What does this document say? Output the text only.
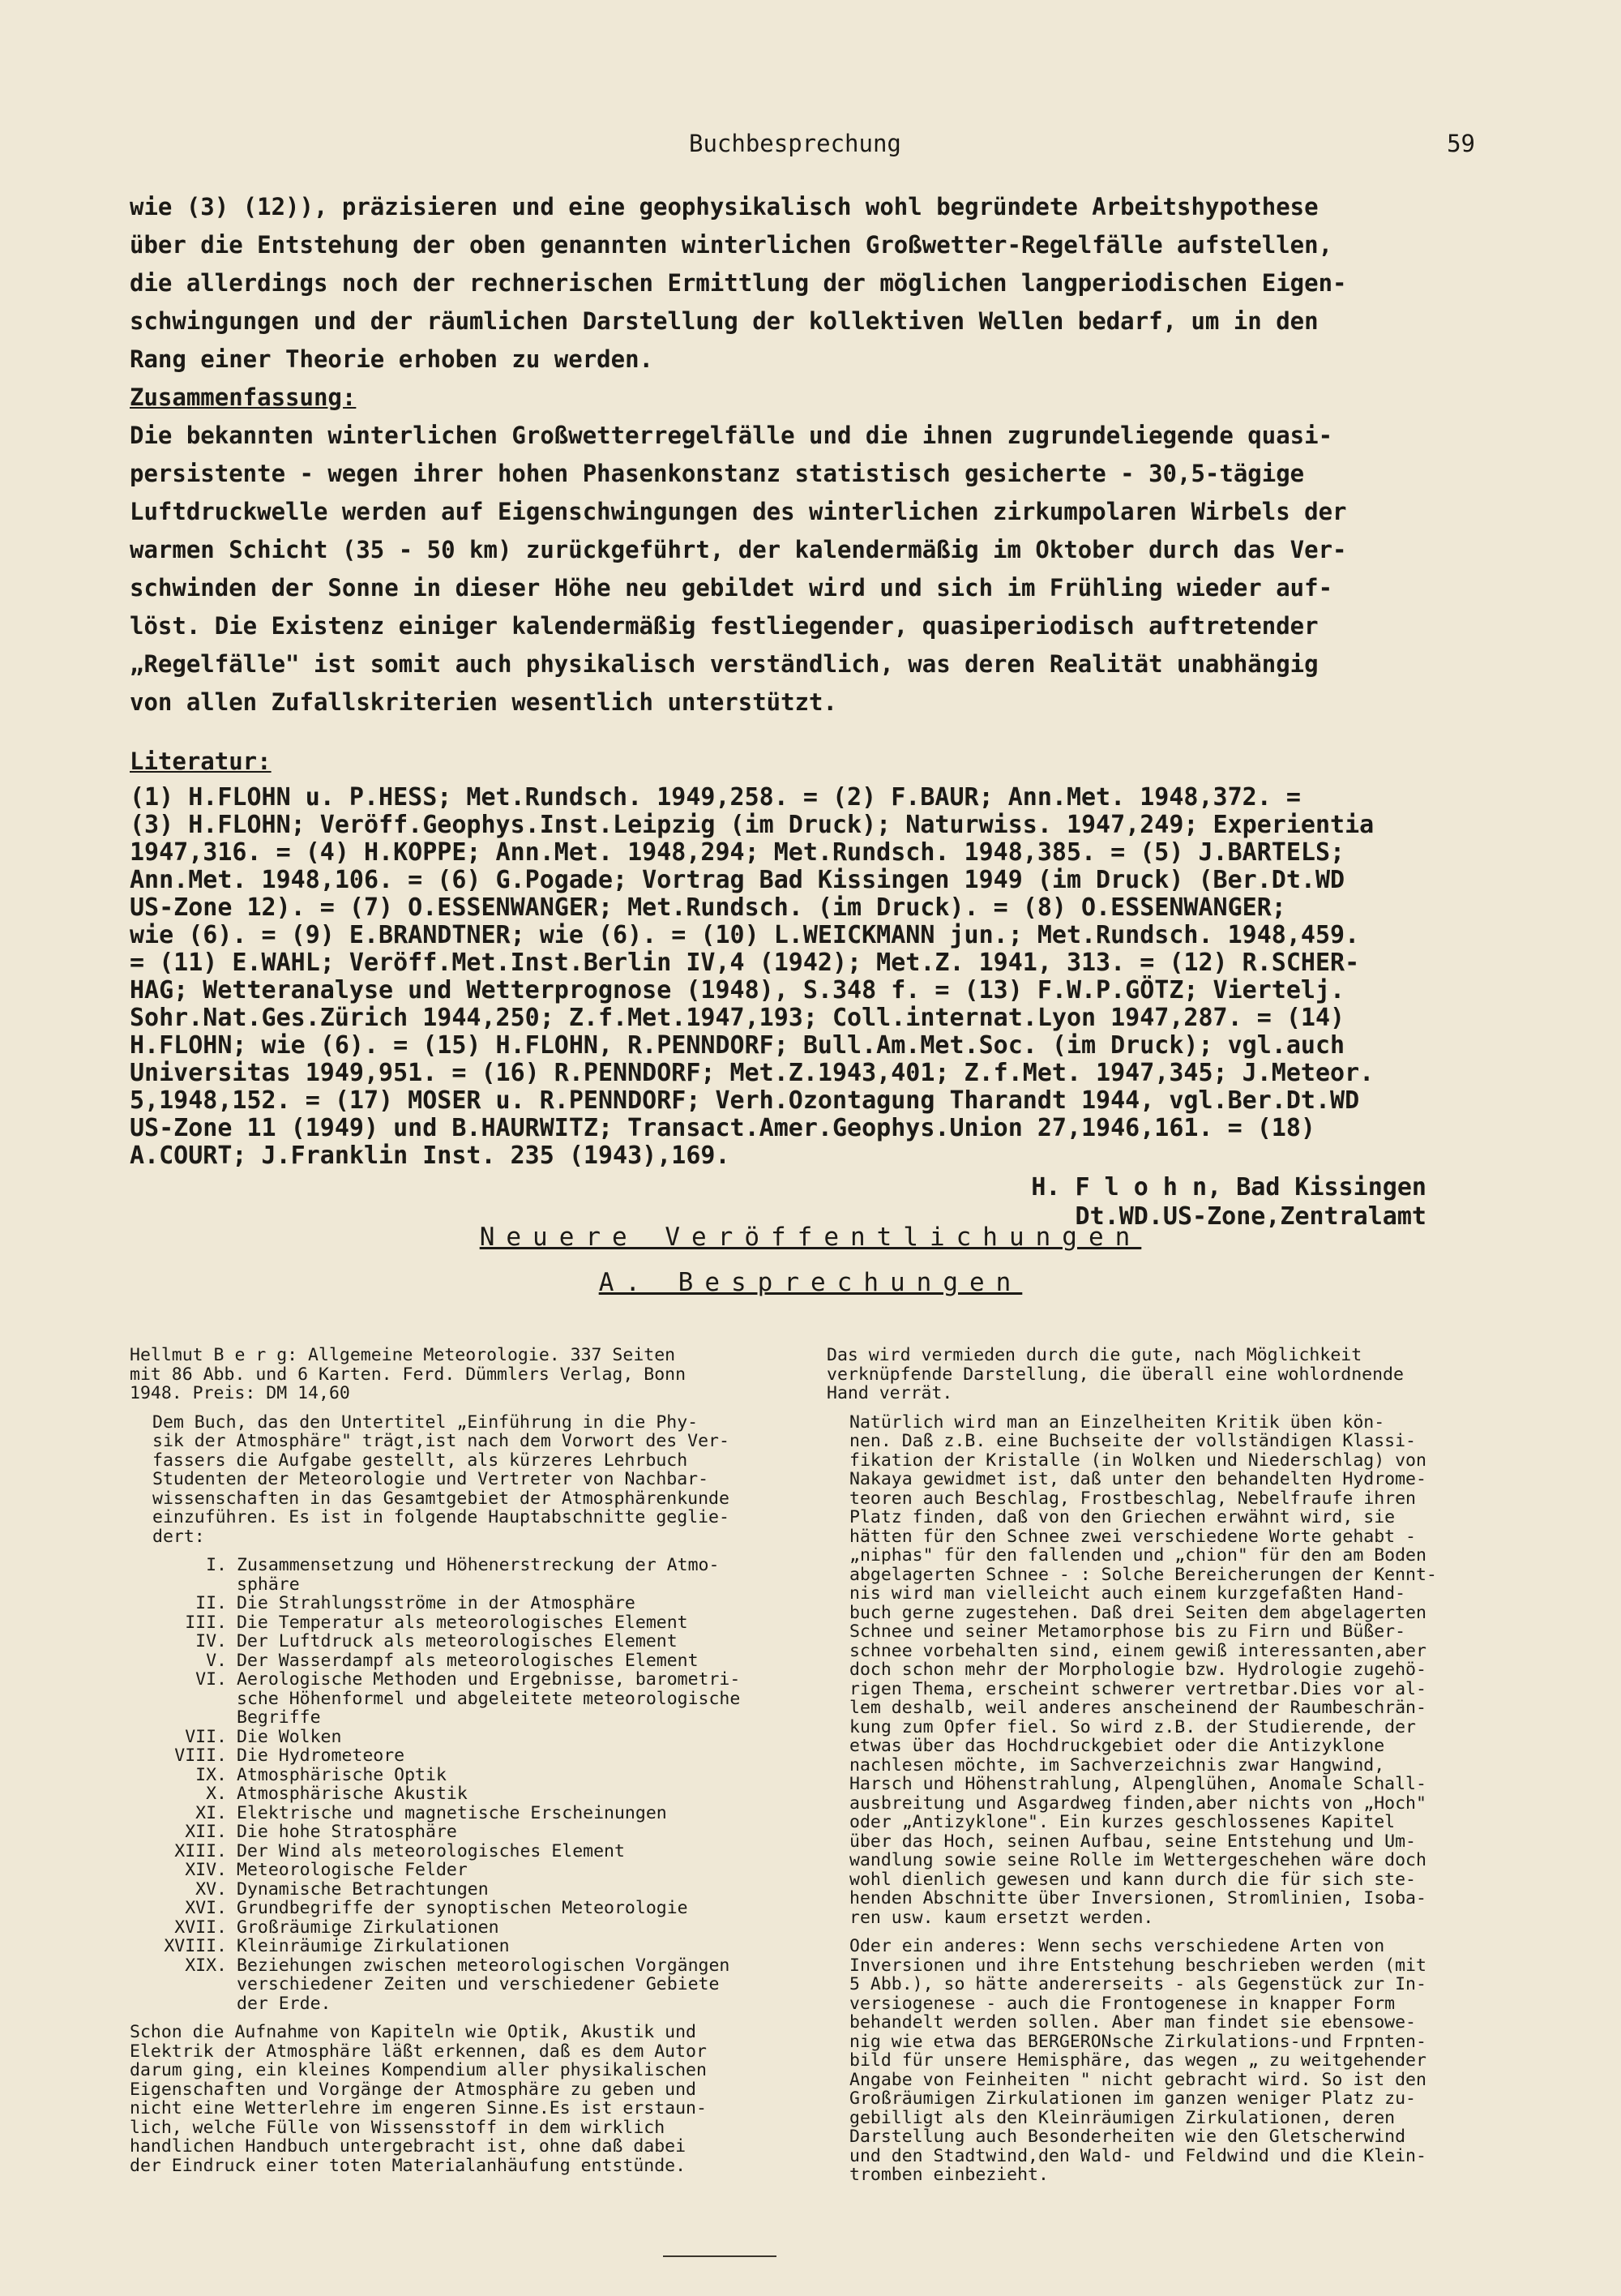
Buchbesprechung	59

wie (3) (12)), präzisieren und eine geophysikalisch wohl begründete Arbeitshypothese
über die Entstehung der oben genannten winterlichen Großwetter-Regelfälle aufstellen,
die allerdings noch der rechnerischen Ermittlung der möglichen langperiodischen Eigen-
schwingungen und der räumlichen Darstellung der kollektiven Wellen bedarf, um in den
Rang einer Theorie erhoben zu werden.

Zusammenfassung:

Die bekannten winterlichen Großwetterregelfälle und die ihnen zugrundeliegende quasi-
persistente - wegen ihrer hohen Phasenkonstanz statistisch gesicherte - 30,5-tägige
Luftdruckwelle werden auf Eigenschwingungen des winterlichen zirkumpolaren Wirbels der
warmen Schicht (35 - 50 km) zurückgeführt, der kalendermäßig im Oktober durch das Ver-
schwinden der Sonne in dieser Höhe neu gebildet wird und sich im Frühling wieder auf-
löst. Die Existenz einiger kalendermäßig festliegender, quasiperiodisch auftretender
„Regelfälle" ist somit auch physikalisch verständlich, was deren Realität unabhängig
von allen Zufallskriterien wesentlich unterstützt.

Literatur:
(1) H.FLOHN u. P.HESS; Met.Rundsch. 1949,258. = (2) F.BAUR; Ann.Met. 1948,372. =
(3) H.FLOHN; Veröff.Geophys.Inst.Leipzig (im Druck); Naturwiss. 1947,249; Experientia
1947,316. = (4) H.KOPPE; Ann.Met. 1948,294; Met.Rundsch. 1948,385. = (5) J.BARTELS;
Ann.Met. 1948,106. = (6) G.Pogade; Vortrag Bad Kissingen 1949 (im Druck) (Ber.Dt.WD
US-Zone 12). = (7) O.ESSENWANGER; Met.Rundsch. (im Druck). = (8) O.ESSENWANGER;
wie (6). = (9) E.BRANDTNER; wie (6). = (10) L.WEICKMANN jun.; Met.Rundsch. 1948,459.
= (11) E.WAHL; Veröff.Met.Inst.Berlin IV,4 (1942); Met.Z. 1941, 313. = (12) R.SCHER-
HAG; Wetteranalyse und Wetterprognose (1948), S.348 f. = (13) F.W.P.GÖTZ; Viertelj.
Sohr.Nat.Ges.Zürich 1944,250; Z.f.Met.1947,193; Coll.internat.Lyon 1947,287. = (14)
H.FLOHN; wie (6). = (15) H.FLOHN, R.PENNDORF; Bull.Am.Met.Soc. (im Druck); vgl.auch
Universitas 1949,951. = (16) R.PENNDORF; Met.Z.1943,401; Z.f.Met. 1947,345; J.Meteor.
5,1948,152. = (17) MOSER u. R.PENNDORF; Verh.Ozontagung Tharandt 1944, vgl.Ber.Dt.WD
US-Zone 11 (1949) und B.HAURWITZ; Transact.Amer.Geophys.Union 27,1946,161. = (18)
A.COURT; J.Franklin Inst. 235 (1943),169.
H. F l o h n, Bad Kissingen
Dt.WD.US-Zone,Zentralamt
Neuere Veröffentlichungen
A. Besprechungen

Hellmut B e r g: Allgemeine Meteorologie. 337 Seiten
mit 86 Abb. und 6 Karten. Ferd. Dümmlers Verlag, Bonn
1948. Preis: DM 14,60

Dem Buch, das den Untertitel „Einführung in die Phy-
sik der Atmosphäre" trägt,ist nach dem Vorwort des Ver-
fassers die Aufgabe gestellt, als kürzeres Lehrbuch
Studenten der Meteorologie und Vertreter von Nachbar-
wissenschaften in das Gesamtgebiet der Atmosphärenkunde
einzuführen. Es ist in folgende Hauptabschnitte geglie-
dert:

I. Zusammensetzung und Höhenerstreckung der Atmo-
sphäre
II. Die Strahlungsströme in der Atmosphäre
III. Die Temperatur als meteorologisches Element
IV. Der Luftdruck als meteorologisches Element
V. Der Wasserdampf als meteorologisches Element
VI. Aerologische Methoden und Ergebnisse, barometri-
sche Höhenformel und abgeleitete meteorologische
Begriffe
VII. Die Wolken
VIII. Die Hydrometeore
IX. Atmosphärische Optik
X. Atmosphärische Akustik
XI. Elektrische und magnetische Erscheinungen
XII. Die hohe Stratosphäre
XIII. Der Wind als meteorologisches Element
XIV. Meteorologische Felder
XV. Dynamische Betrachtungen
XVI. Grundbegriffe der synoptischen Meteorologie
XVII. Großräumige Zirkulationen
XVIII. Kleinräumige Zirkulationen
XIX. Beziehungen zwischen meteorologischen Vorgängen
verschiedener Zeiten und verschiedener Gebiete
der Erde.

Schon die Aufnahme von Kapiteln wie Optik, Akustik und
Elektrik der Atmosphäre läßt erkennen, daß es dem Autor
darum ging, ein kleines Kompendium aller physikalischen
Eigenschaften und Vorgänge der Atmosphäre zu geben und
nicht eine Wetterlehre im engeren Sinne.Es ist erstaun-
lich, welche Fülle von Wissensstoff in dem wirklich
handlichen Handbuch untergebracht ist, ohne daß dabei
der Eindruck einer toten Materialanhäufung entstünde.

Das wird vermieden durch die gute, nach Möglichkeit
verknüpfende Darstellung, die überall eine wohlordnende
Hand verrät.

Natürlich wird man an Einzelheiten Kritik üben kön-
nen. Daß z.B. eine Buchseite der vollständigen Klassi-
fikation der Kristalle (in Wolken und Niederschlag) von
Nakaya gewidmet ist, daß unter den behandelten Hydrome-
teoren auch Beschlag, Frostbeschlag, Nebelfraufe ihren
Platz finden, daß von den Griechen erwähnt wird, sie
hätten für den Schnee zwei verschiedene Worte gehabt -
„niphas" für den fallenden und „chion" für den am Boden
abgelagerten Schnee - : Solche Bereicherungen der Kennt-
nis wird man vielleicht auch einem kurzgefaßten Hand-
buch gerne zugestehen. Daß drei Seiten dem abgelagerten
Schnee und seiner Metamorphose bis zu Firn und Büßer-
schnee vorbehalten sind, einem gewiß interessanten,aber
doch schon mehr der Morphologie bzw. Hydrologie zugehö-
rigen Thema, erscheint schwerer vertretbar.Dies vor al-
lem deshalb, weil anderes anscheinend der Raumbeschrän-
kung zum Opfer fiel. So wird z.B. der Studierende, der
etwas über das Hochdruckgebiet oder die Antizyklone
nachlesen möchte, im Sachverzeichnis zwar Hangwind,
Harsch und Höhenstrahlung, Alpenglühen, Anomale Schall-
ausbreitung und Asgardweg finden,aber nichts von „Hoch"
oder „Antizyklone". Ein kurzes geschlossenes Kapitel
über das Hoch, seinen Aufbau, seine Entstehung und Um-
wandlung sowie seine Rolle im Wettergeschehen wäre doch
wohl dienlich gewesen und kann durch die für sich ste-
henden Abschnitte über Inversionen, Stromlinien, Isoba-
ren usw. kaum ersetzt werden.

Oder ein anderes: Wenn sechs verschiedene Arten von
Inversionen und ihre Entstehung beschrieben werden (mit
5 Abb.), so hätte andererseits - als Gegenstück zur In-
versiogenese - auch die Frontogenese in knapper Form
behandelt werden sollen. Aber man findet sie ebensowe-
nig wie etwa das BERGERONsche Zirkulations-und Frpnten-
bild für unsere Hemisphäre, das wegen „ zu weitgehender
Angabe von Feinheiten " nicht gebracht wird. So ist den
Großräumigen Zirkulationen im ganzen weniger Platz zu-
gebilligt als den Kleinräumigen Zirkulationen, deren
Darstellung auch Besonderheiten wie den Gletscherwind
und den Stadtwind,den Wald- und Feldwind und die Klein-
tromben einbezieht.
